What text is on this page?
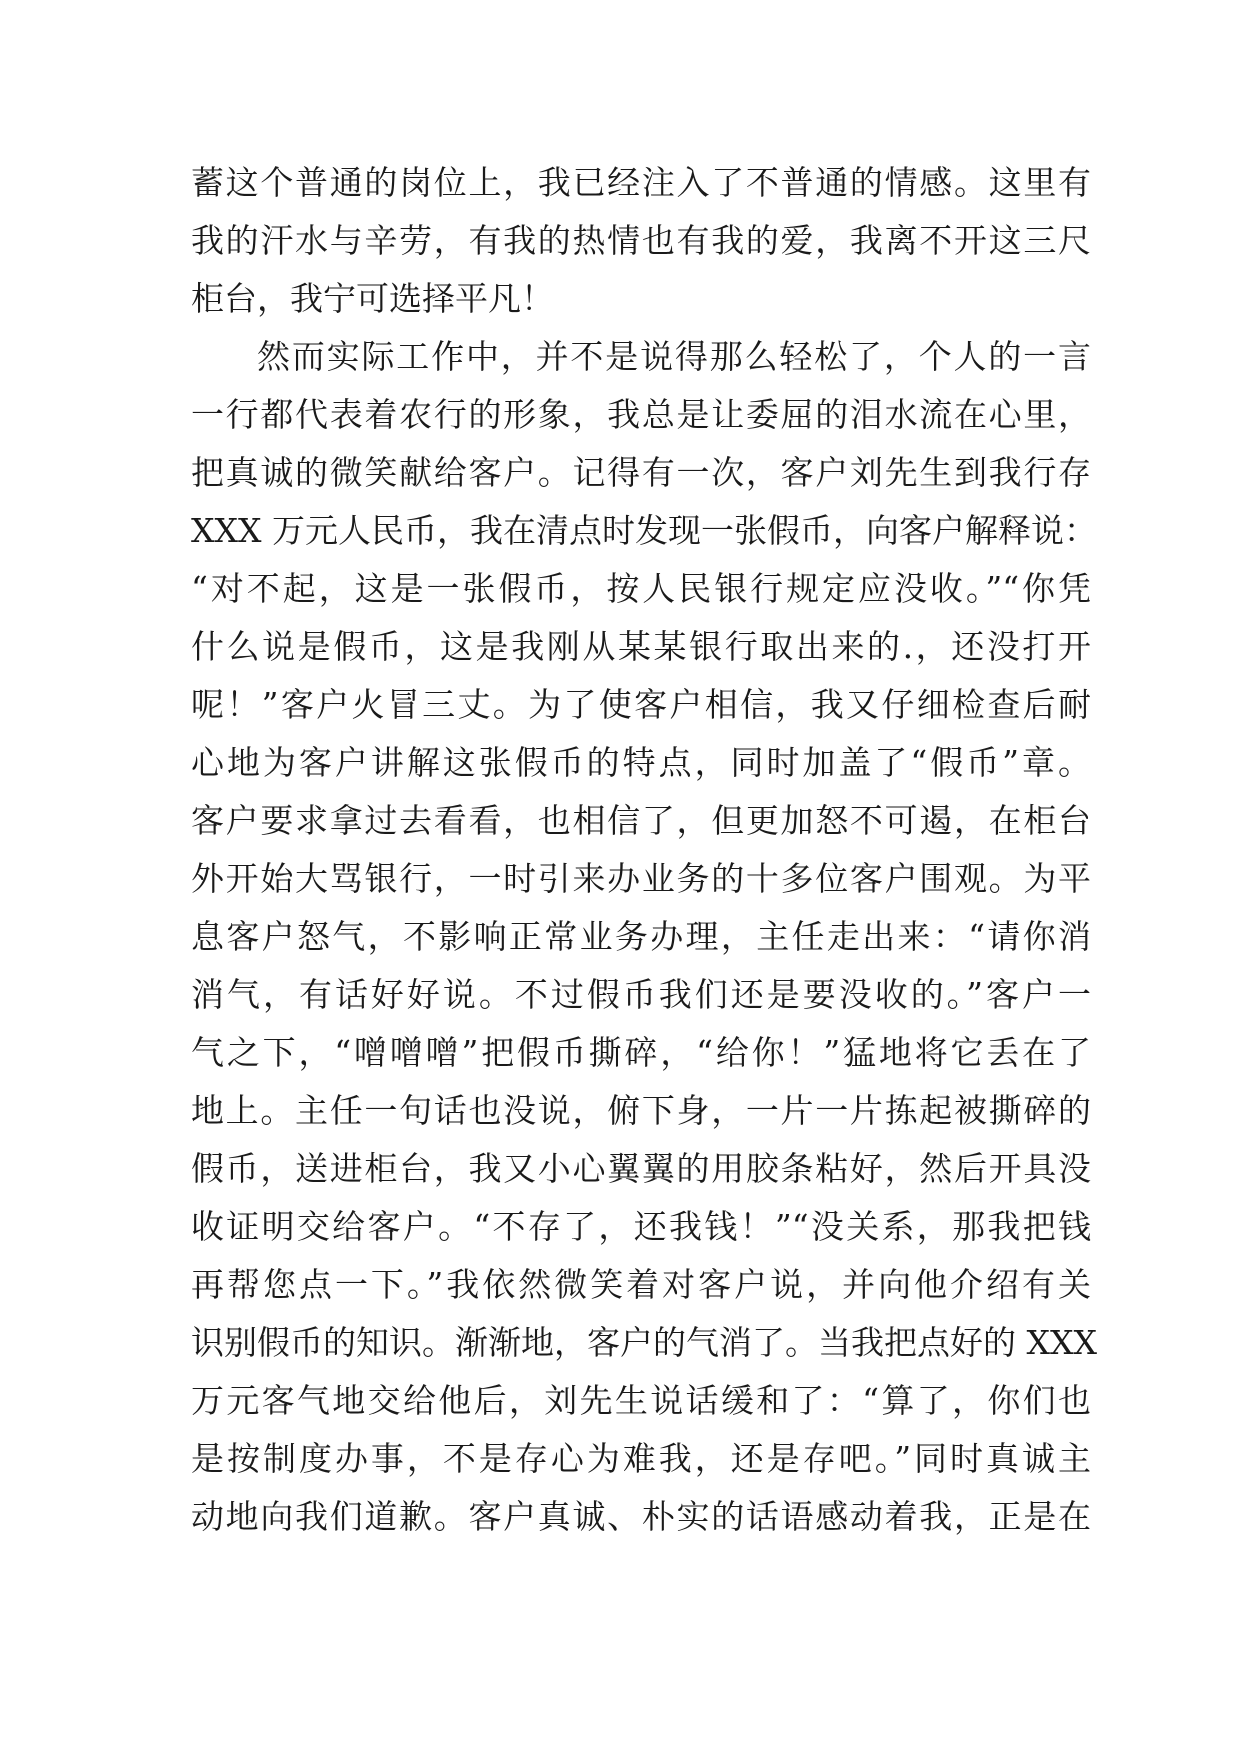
蓄这个普通的岗位上，我已经注入了不普通的情感。这里有
我的汗水与辛劳，有我的热情也有我的爱，我离不开这三尺
柜台，我宁可选择平凡！
然而实际工作中，并不是说得那么轻松了，个人的一言
一行都代表着农行的形象，我总是让委屈的泪水流在心里，
把真诚的微笑献给客户。记得有一次，客户刘先生到我行存
XXX 万元人民币，我在清点时发现一张假币，向客户解释说：
“对不起，这是一张假币，按人民银行规定应没收。”“你凭
什么说是假币，这是我刚从某某银行取出来的.，还没打开
呢！”客户火冒三丈。为了使客户相信，我又仔细检查后耐
心地为客户讲解这张假币的特点，同时加盖了“假币”章。
客户要求拿过去看看，也相信了，但更加怒不可遏，在柜台
外开始大骂银行，一时引来办业务的十多位客户围观。为平
息客户怒气，不影响正常业务办理，主任走出来：“请你消
消气，有话好好说。不过假币我们还是要没收的。”客户一
气之下，“噌噌噌”把假币撕碎，“给你！”猛地将它丢在了
地上。主任一句话也没说，俯下身，一片一片拣起被撕碎的
假币，送进柜台，我又小心翼翼的用胶条粘好，然后开具没
收证明交给客户。“不存了，还我钱！”“没关系，那我把钱
再帮您点一下。”我依然微笑着对客户说，并向他介绍有关
识别假币的知识。渐渐地，客户的气消了。当我把点好的 XXX
万元客气地交给他后，刘先生说话缓和了：“算了，你们也
是按制度办事，不是存心为难我，还是存吧。”同时真诚主
动地向我们道歉。客户真诚、朴实的话语感动着我，正是在
